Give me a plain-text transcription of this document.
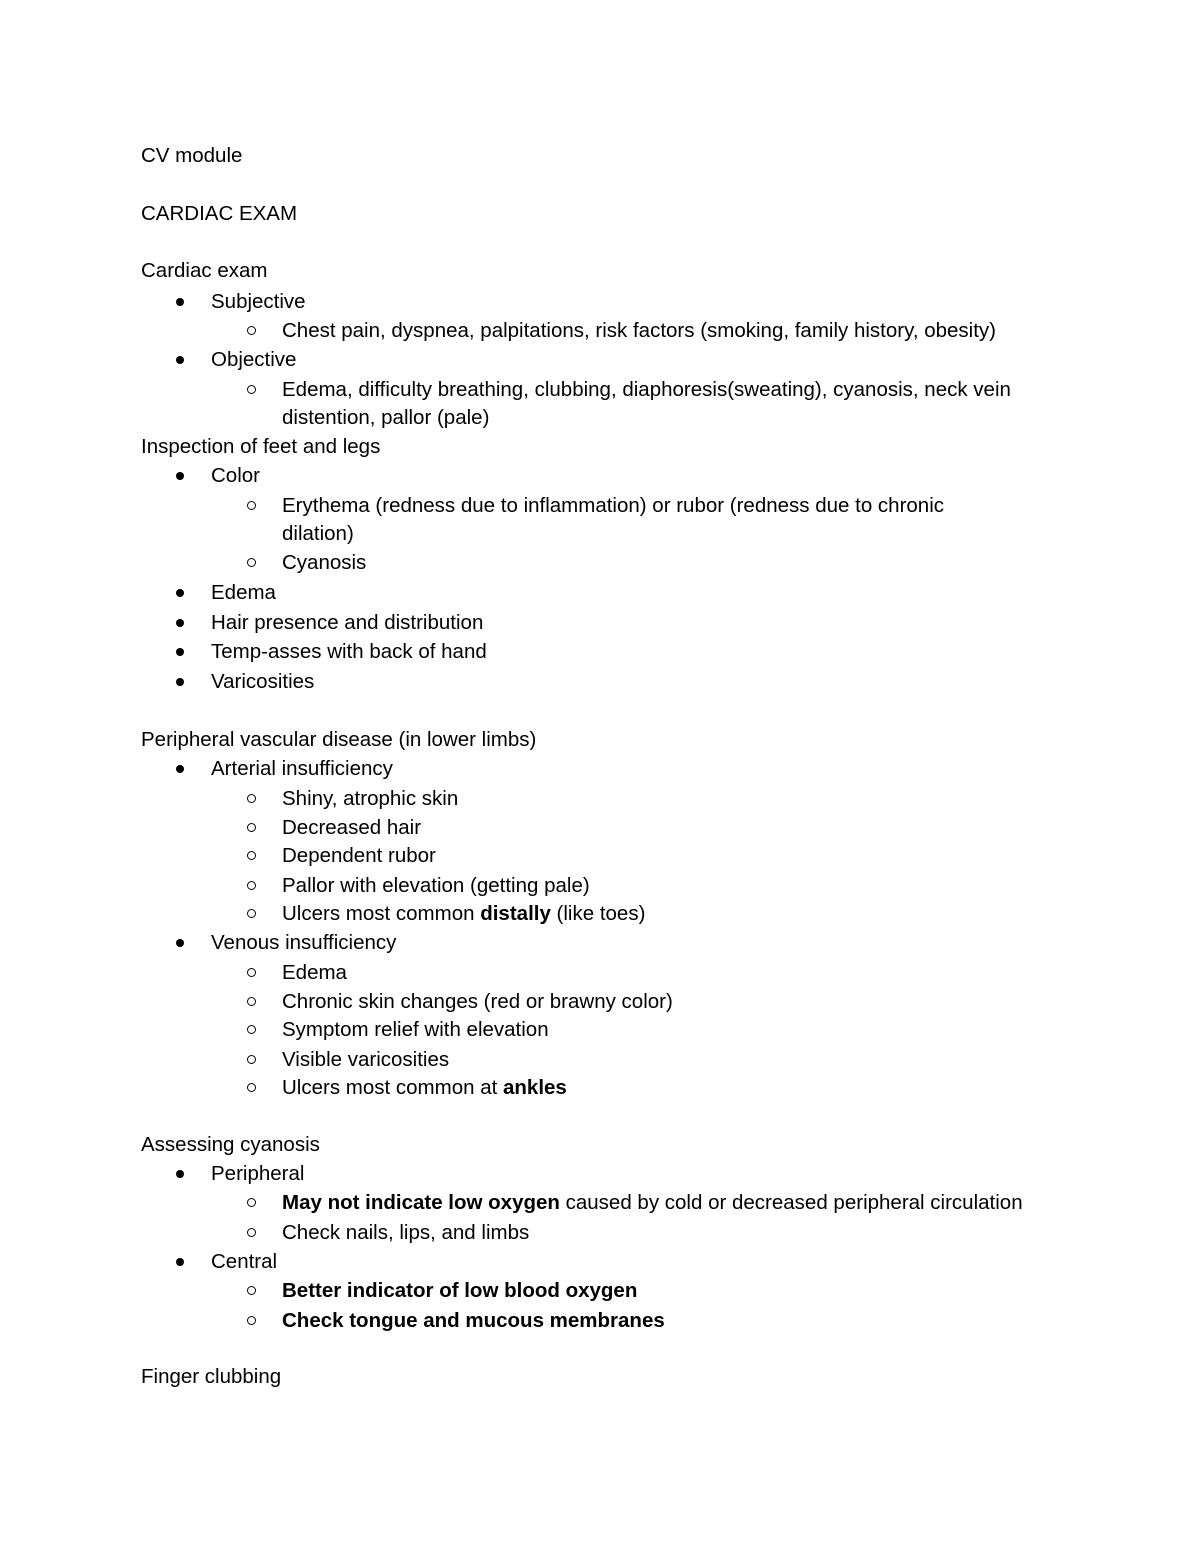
CV module
CARDIAC EXAM
Cardiac exam
Subjective
Chest pain, dyspnea, palpitations, risk factors (smoking, family history, obesity)
Objective
Edema, difficulty breathing, clubbing, diaphoresis(sweating), cyanosis, neck vein
distention, pallor (pale)
Inspection of feet and legs
Color
Erythema (redness due to inflammation) or rubor (redness due to chronic
dilation)
Cyanosis
Edema
Hair presence and distribution
Temp-asses with back of hand
Varicosities
Peripheral vascular disease (in lower limbs)
Arterial insufficiency
Shiny, atrophic skin
Decreased hair
Dependent rubor
Pallor with elevation (getting pale)
Ulcers most common distally (like toes)
Venous insufficiency
Edema
Chronic skin changes (red or brawny color)
Symptom relief with elevation
Visible varicosities
Ulcers most common at ankles
Assessing cyanosis
Peripheral
May not indicate low oxygen caused by cold or decreased peripheral circulation
Check nails, lips, and limbs
Central
Better indicator of low blood oxygen
Check tongue and mucous membranes
Finger clubbing
